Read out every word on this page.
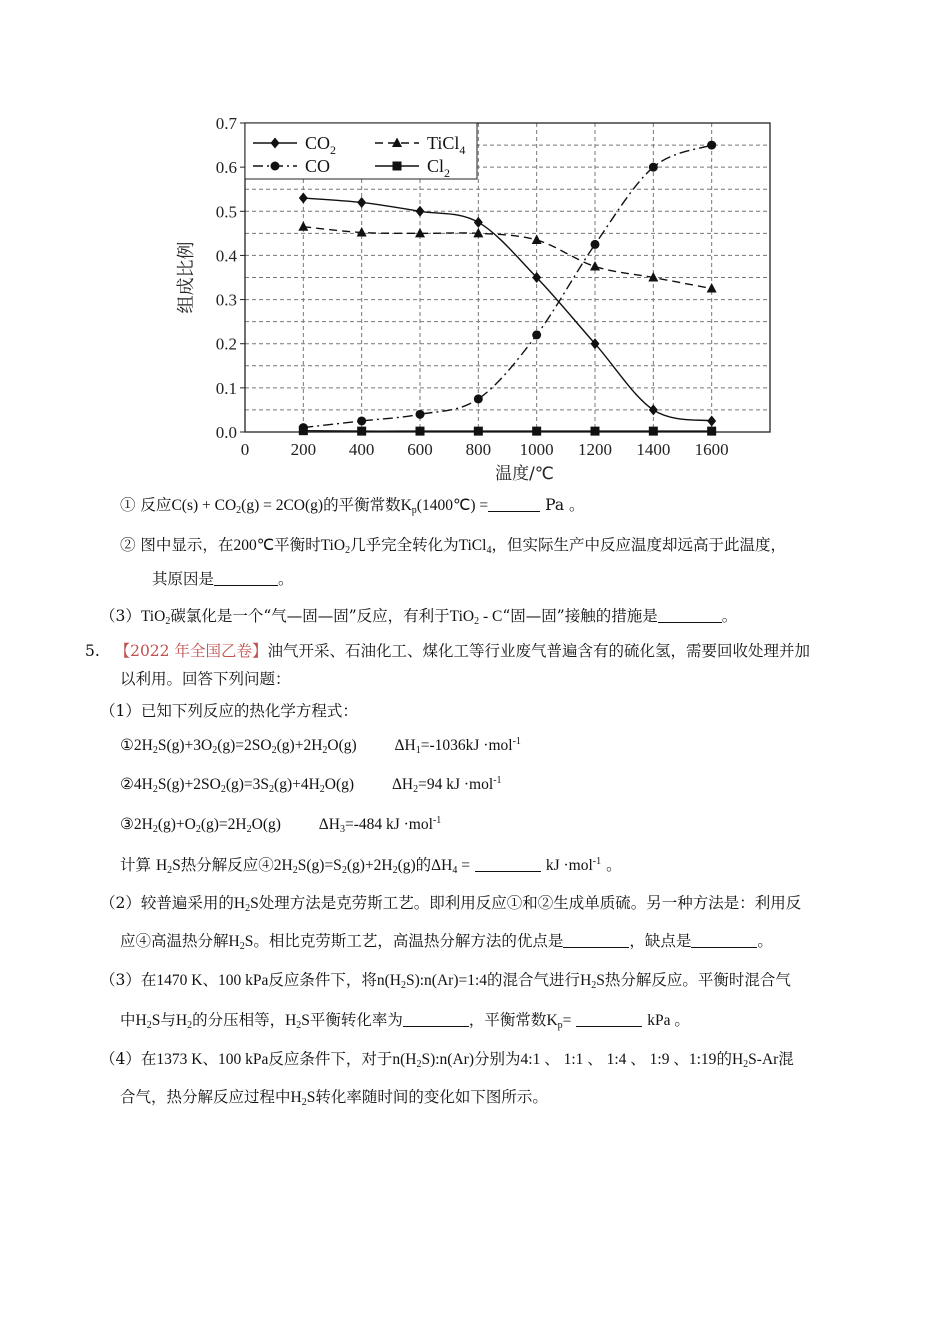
0.0
0.1
0.2
0.3
0.4
0.5
0.6
0.7
0 200 400 600 800 1000 1200 1400 1600
$CO_2$	TiCl$_4$
CO	$Cl_2$
组成比例
温度/℃
① 反应$C(s) + CO_2(g) = 2CO(g)$的平衡常数$K_p(1400℃)$ =	Pa 。
② 图中显示，在200℃平衡时TiO$_2$几乎完全转化为TiCl$_4$，但实际生产中反应温度却远高于此温度，
其原因是	。
（3）TiO$_2$碳氯化是一个“气—固—固”反应，有利于TiO$_2$ - C“固—固”接触的措施是	。
5. 【2022 年全国乙卷】油气开采、石油化工、煤化工等行业废气普遍含有的硫化氢，需要回收处理并加
以利用。回答下列问题：
（1）已知下列反应的热化学方程式：
$①2H_2S(g)+3O_2(g)=2SO_2(g)+2H_2O(g)$ $\Delta H_1=-1036kJ \cdot mol^{-1}$
$②4H_2S(g)+2SO_2(g)=3S_2(g)+4H_2O(g)$ $\Delta H_2=94$ kJ ·mol$^{-1}$
$③2H_2(g)+O_2(g)=2H_2O(g)$ $\Delta H_3=-484$ kJ ·mol$^{-1}$
计算 $H_2S$热分解反应$④2H_2S(g)=S_2(g)+2H_2(g)$的$\Delta H_4$ =	kJ ·mol$^{-1}$ 。
（2）较普遍采用的$H_2S$处理方法是克劳斯工艺。即利用反应①和②生成单质硫。另一种方法是：利用反
应④高温热分解$H_2S$。相比克劳斯工艺，高温热分解方法的优点是	，缺点是	。
（3）在1470 K、100 kPa反应条件下，将$n(H_2S):n(Ar)=1:4$的混合气进行$H_2S$热分解反应。平衡时混合气
中$H_2S$与$H_2$的分压相等，$H_2S$平衡转化率为	，平衡常数$K_p=$	kPa 。
（4）在1373 K、100 kPa反应条件下，对于$n(H_2S):n(Ar)$分别为4:1 、 1:1 、 1:4 、 1:9 、1:19的$H_2S-Ar$混
合气，热分解反应过程中$H_2S$转化率随时间的变化如下图所示。
